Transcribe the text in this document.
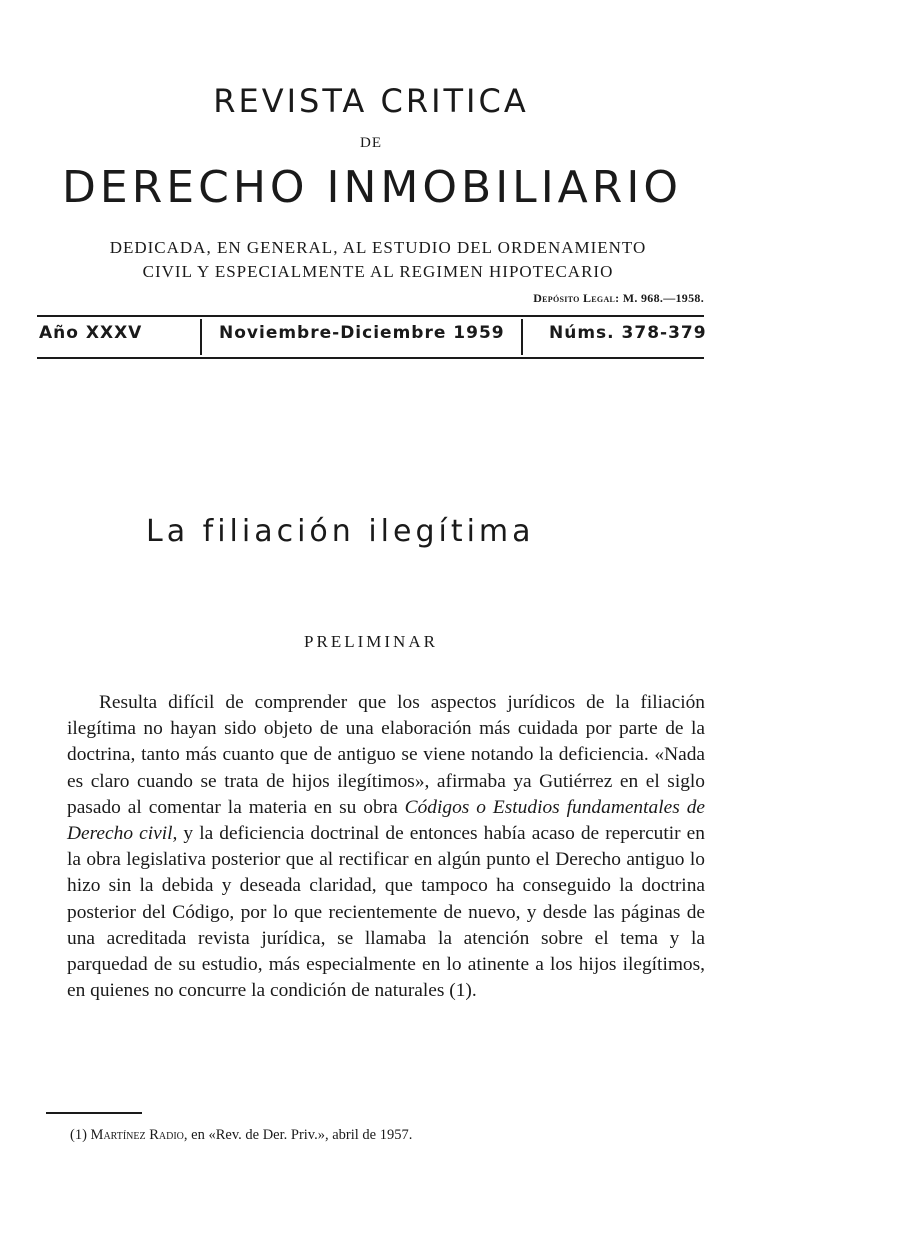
REVISTA CRITICA
DE
DERECHO INMOBILIARIO
DEDICADA, EN GENERAL, AL ESTUDIO DEL ORDENAMIENTO
CIVIL Y ESPECIALMENTE AL REGIMEN HIPOTECARIO
Depósito Legal: M. 968.—1958.
Año XXXV	Noviembre-Diciembre 1959	Núms. 378-379
La filiación ilegítima
PRELIMINAR
Resulta difícil de comprender que los aspectos jurídicos de la filiación ilegítima no hayan sido objeto de una elaboración más cuidada por parte de la doctrina, tanto más cuanto que de antiguo se viene notando la deficiencia. «Nada es claro cuando se trata de hijos ilegítimos», afirmaba ya Gutiérrez en el siglo pasado al comentar la materia en su obra Códigos o Estudios fundamentales de Derecho civil, y la deficiencia doctrinal de entonces había acaso de repercutir en la obra legislativa posterior que al rectificar en algún punto el Derecho antiguo lo hizo sin la debida y deseada claridad, que tampoco ha conseguido la doctrina posterior del Código, por lo que recientemente de nuevo, y desde las páginas de una acreditada revista jurídica, se llamaba la atención sobre el tema y la parquedad de su estudio, más especialmente en lo atinente a los hijos ilegítimos, en quienes no concurre la condición de naturales (1).
(1) Martínez Radio, en «Rev. de Der. Priv.», abril de 1957.
